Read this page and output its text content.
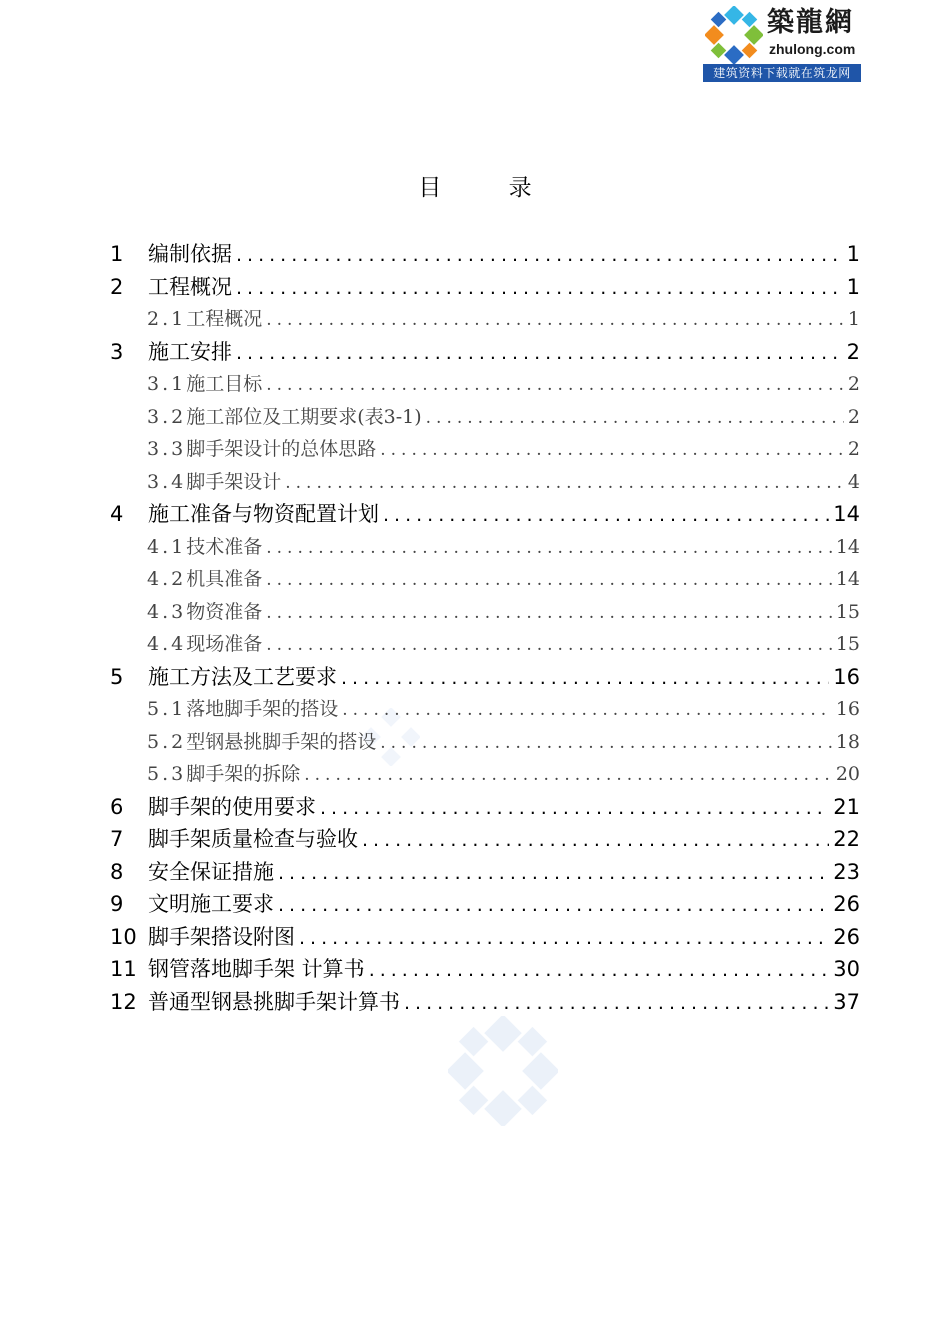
築龍網
zhulong.com
建筑资料下载就在筑龙网
目 录
1	编制依据 .....	1
2	工程概况 .....	1
2.1 工程概况 .....	1
3	施工安排 .....	2
3.1 施工目标 .....	2
3.2 施工部位及工期要求(表3-1) .....	2
3.3 脚手架设计的总体思路 .....	2
3.4 脚手架设计 .....	4
4	施工准备与物资配置计划 .....	14
4.1 技术准备 .....	14
4.2 机具准备 .....	14
4.3 物资准备 .....	15
4.4 现场准备 .....	15
5	施工方法及工艺要求 .....	16
5.1 落地脚手架的搭设 .....	16
5.2 型钢悬挑脚手架的搭设 .....	18
5.3 脚手架的拆除 .....	20
6	脚手架的使用要求 .....	21
7	脚手架质量检查与验收 .....	22
8	安全保证措施 .....	23
9	文明施工要求 .....	26
10 脚手架搭设附图 .....	26
11 钢管落地脚手架 计算书 .....	30
12 普通型钢悬挑脚手架计算书 .....	37
